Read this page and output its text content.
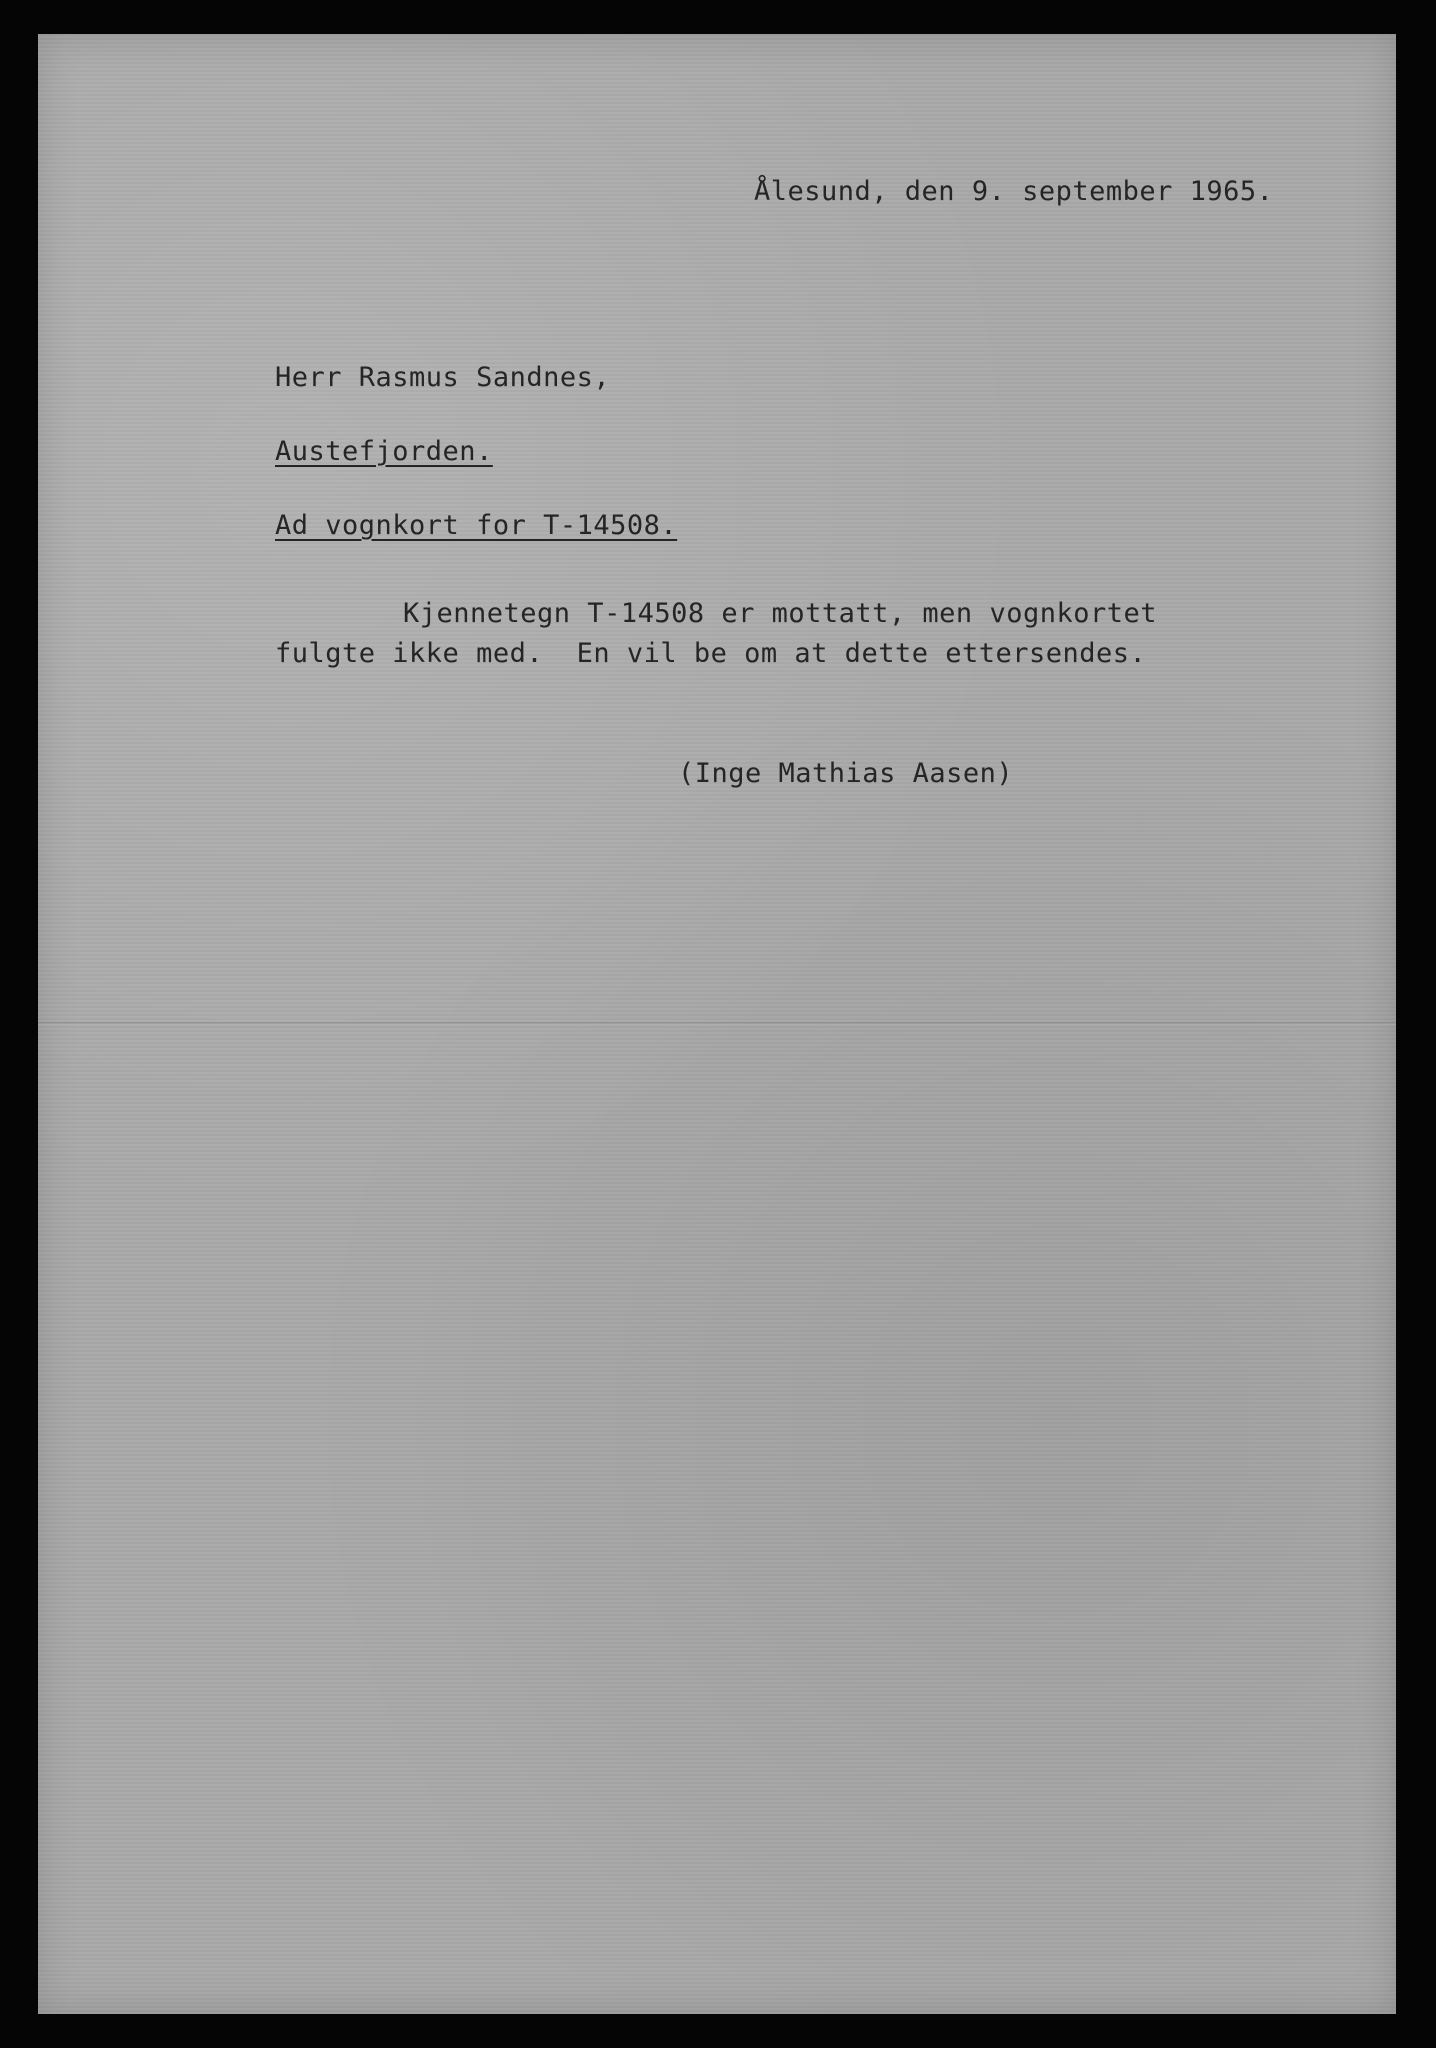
Ålesund, den 9. september 1965.
Herr Rasmus Sandnes,
Austefjorden.
Ad vognkort for T-14508.
Kjennetegn T-14508 er mottatt, men vognkortet
fulgte ikke med.  En vil be om at dette ettersendes.
(Inge Mathias Aasen)
